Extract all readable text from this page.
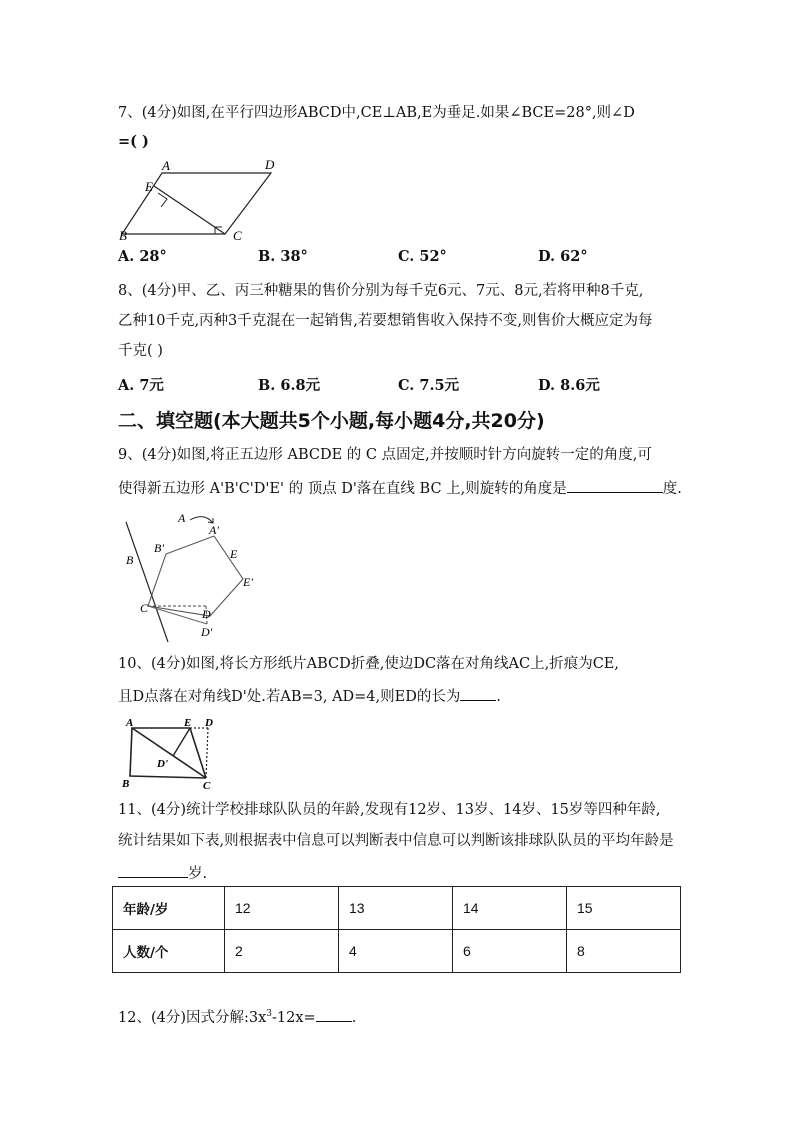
7、(4分)如图,在平行四边形ABCD中,CE⊥AB,E为垂足.如果∠BCE=28°,则∠D
=( )
A	D
E
B	C
A. 28°	B. 38°	C. 52°	D. 62°
8、(4分)甲、乙、丙三种糖果的售价分别为每千克6元、7元、8元,若将甲种8千克,
乙种10千克,丙种3千克混在一起销售,若要想销售收入保持不变,则售价大概应定为每
千克( )
A. 7元	B. 6.8元	C. 7.5元	D. 8.6元
二、填空题(本大题共5个小题,每小题4分,共20分)
9、(4分)如图,将正五边形 ABCDE 的 C 点固定,并按顺时针方向旋转一定的角度,可
使得新五边形 A'B'C'D'E' 的 顶点 D'落在直线 BC 上,则旋转的角度是	度.
A
A'
B
B'	E
E'
C	D
D'
10、(4分)如图,将长方形纸片ABCD折叠,使边DC落在对角线AC上,折痕为CE,
且D点落在对角线D'处.若AB=3, AD=4,则ED的长为 .
A	E D
D'
B	C
11、(4分)统计学校排球队队员的年龄,发现有12岁、13岁、14岁、15岁等四种年龄,
统计结果如下表,则根据表中信息可以判断表中信息可以判断该排球队队员的平均年龄是
岁.
年龄/岁	12	13	14	15
人数/个	2	4	6	8
12、(4分)因式分解$:3x^3-12x=$ .
